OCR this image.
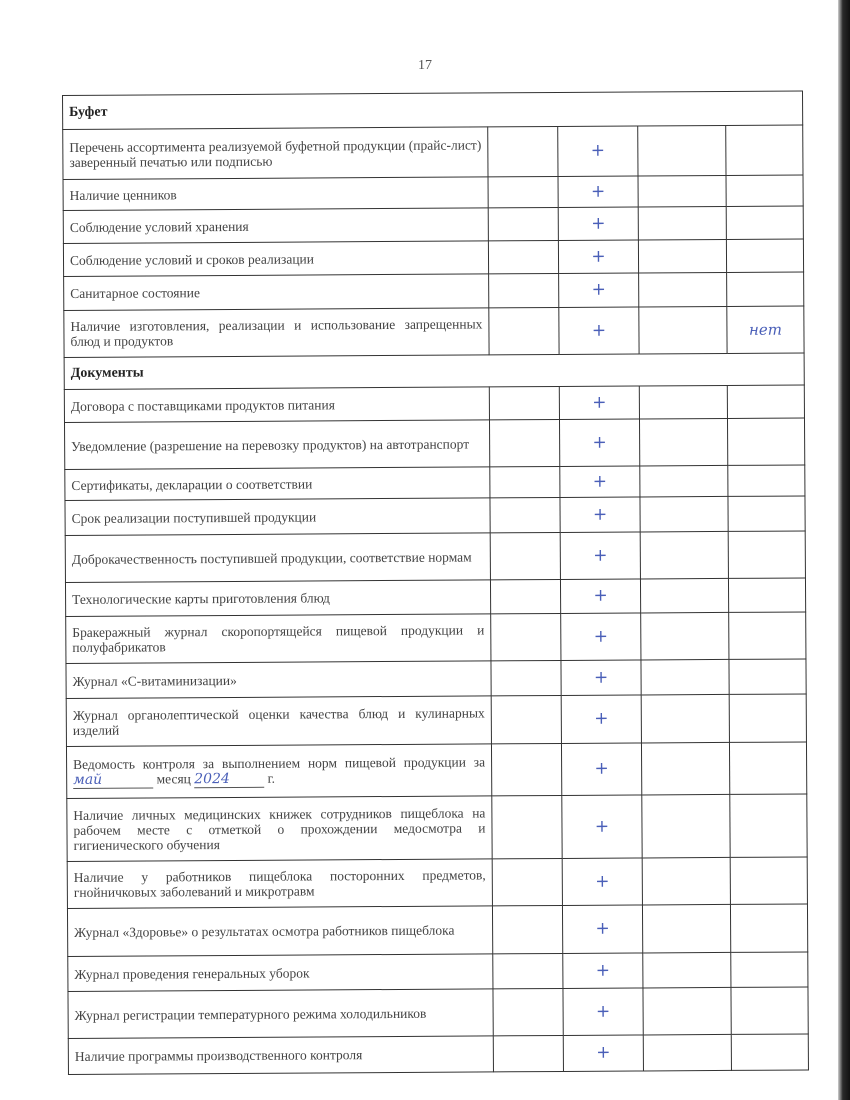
17
Буфет				
Перечень ассортимента реализуемой буфетной продукции (прайс-лист) заверенный печатью или подписью		+		
Наличие ценников		+		
Соблюдение условий хранения		+		
Соблюдение условий и сроков реализации		+		
Санитарное состояние		+		
Наличие изготовления, реализации и использование запрещенных блюд и продуктов		+		нет
Документы				
Договора с поставщиками продуктов питания		+		
Уведомление (разрешение на перевозку продуктов) на автотранспорт		+		
Сертификаты, декларации о соответствии		+		
Срок реализации поступившей продукции		+		
Доброкачественность поступившей продукции, соответствие нормам		+		
Технологические карты приготовления блюд		+		
Бракеражный журнал скоропортящейся пищевой продукции и полуфабрикатов		+		
Журнал «С-витаминизации»		+		
Журнал органолептической оценки качества блюд и кулинарных изделий		+		
Ведомость контроля за выполнением норм пищевой продукции за май месяц 2024 г.		+		
Наличие личных медицинских книжек сотрудников пищеблока на рабочем месте с отметкой о прохождении медосмотра и гигиенического обучения		+		
Наличие у работников пищеблока посторонних предметов, гнойничковых заболеваний и микротравм		+		
Журнал «Здоровье» о результатах осмотра работников пищеблока		+		
Журнал проведения генеральных уборок		+		
Журнал регистрации температурного режима холодильников		+		
Наличие программы производственного контроля		+		
